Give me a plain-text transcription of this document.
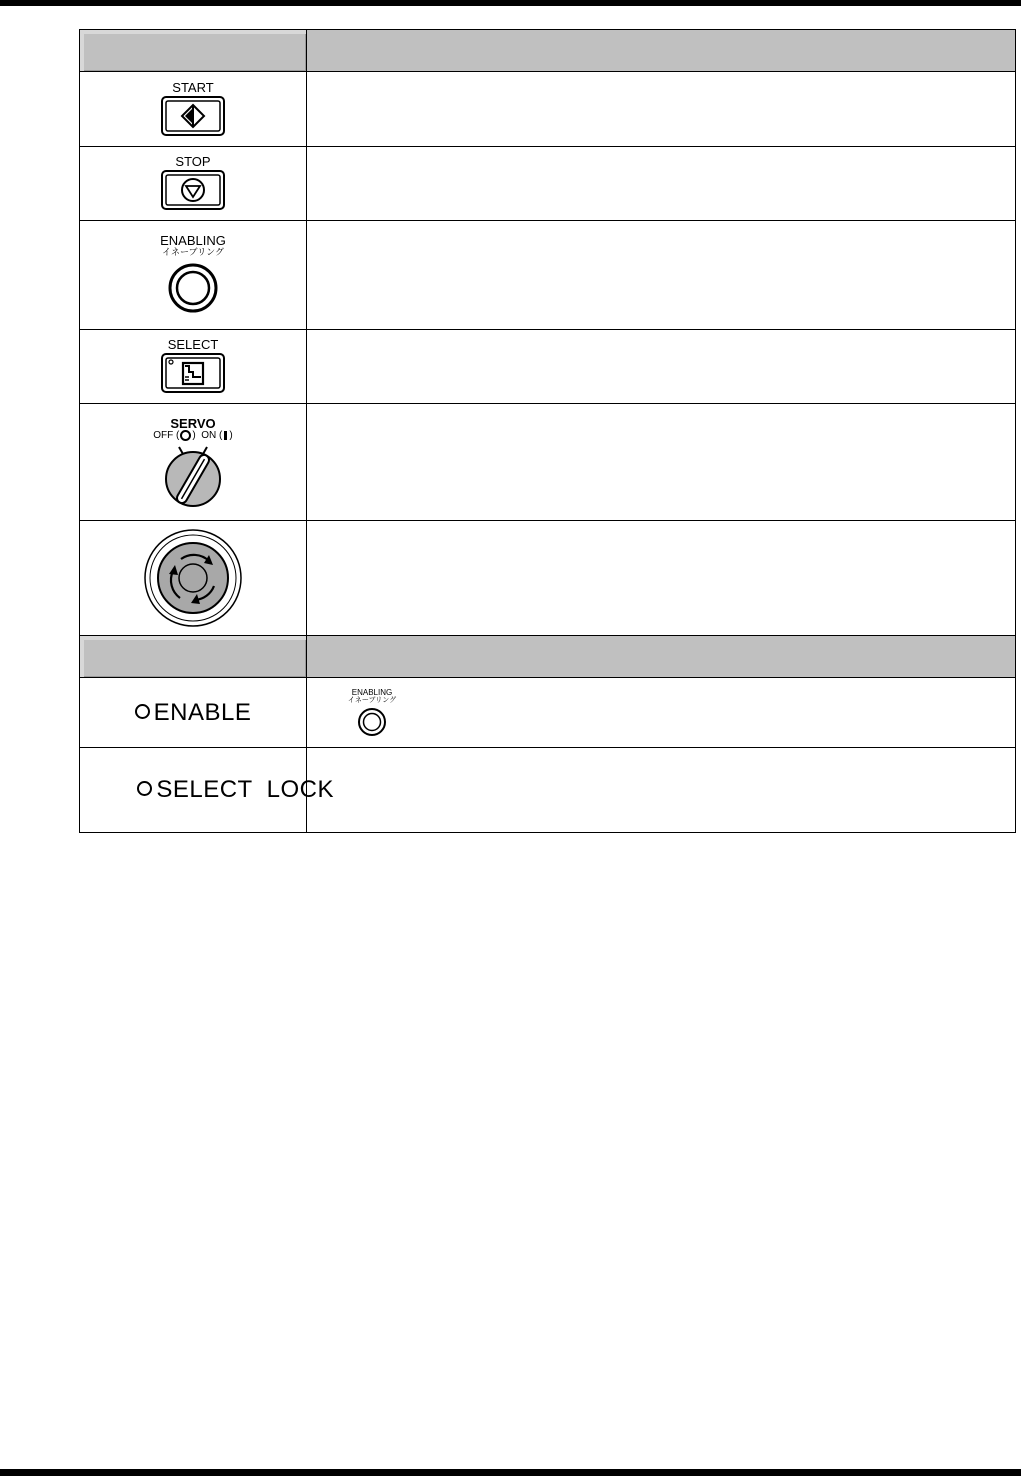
START	

STOP	

ENABLING
イネーブリング	

SELECT	

SERVO
OFF ( ) ON ( )	

ENABLE	ENABLING
イネーブリング

SELECT  LOCK	
